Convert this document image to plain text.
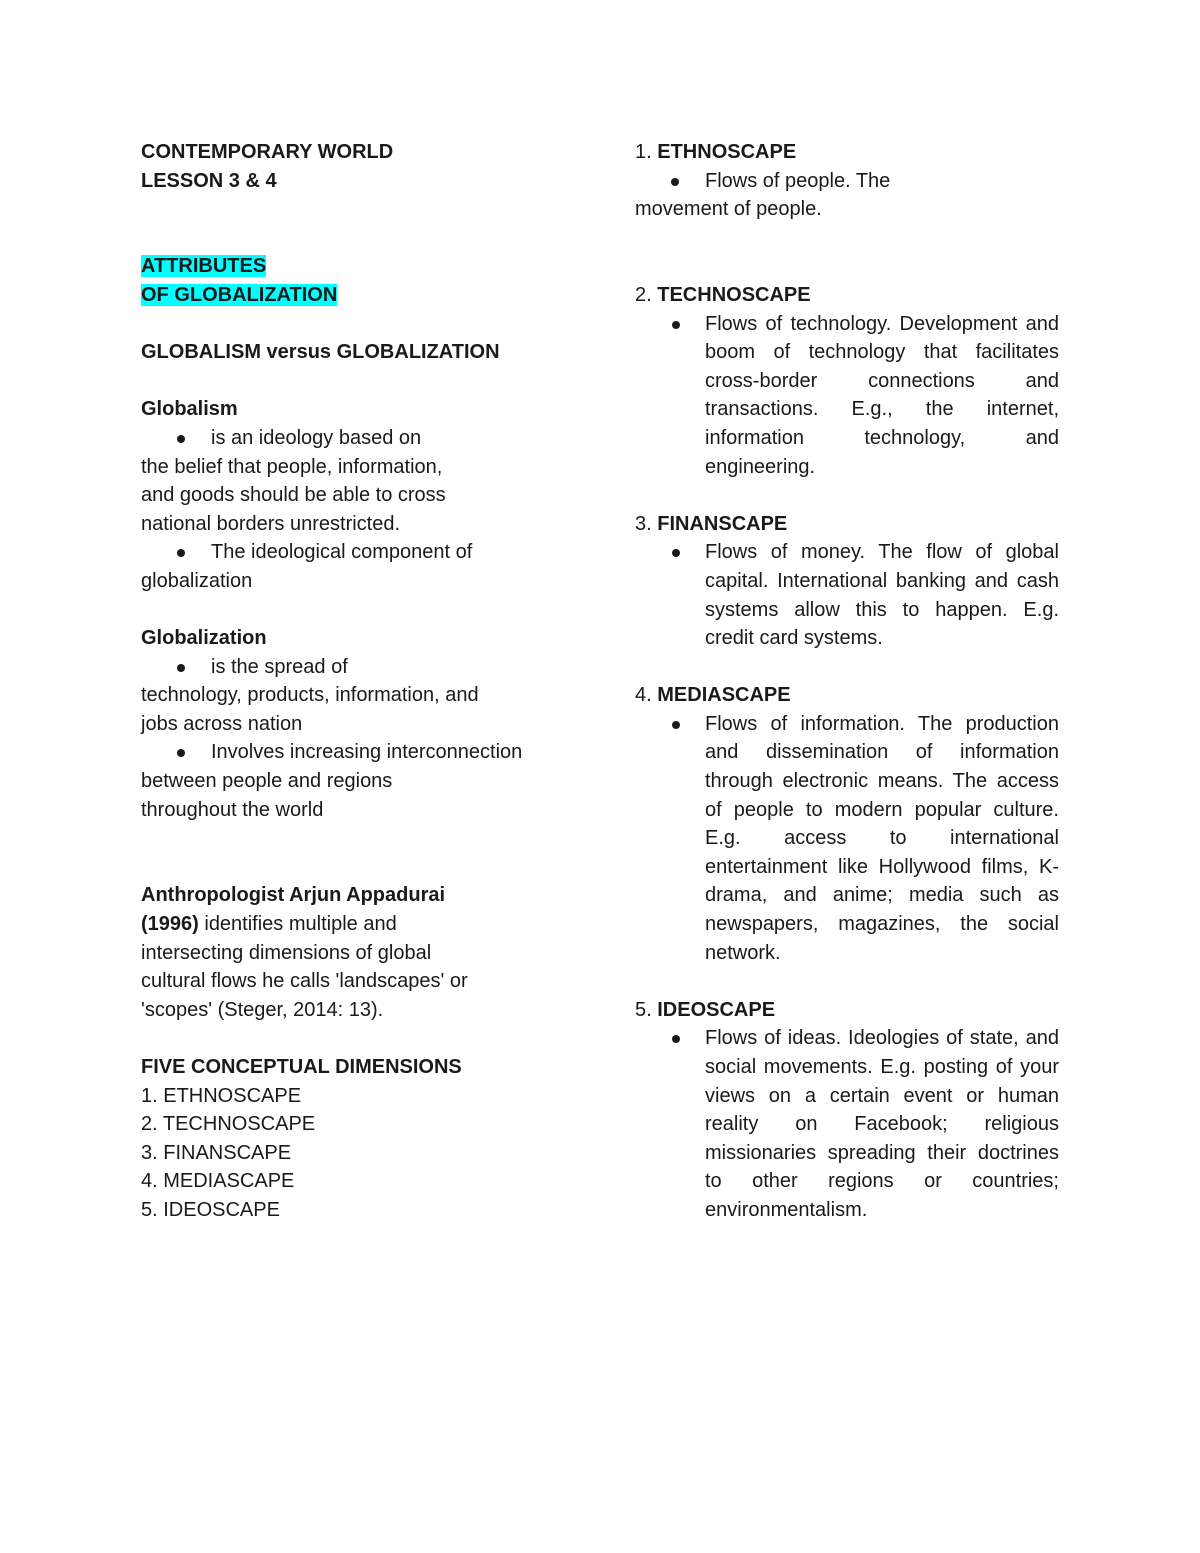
CONTEMPORARY WORLD

LESSON 3 & 4

ATTRIBUTES

OF GLOBALIZATION

GLOBALISM versus GLOBALIZATION

Globalism

is an ideology based on

the belief that people, information,
and goods should be able to cross
national borders unrestricted.

The ideological component of

globalization

Globalization

is the spread of

technology, products, information, and
jobs across nation

Involves increasing interconnection

between people and regions
throughout the world

Anthropologist Arjun Appadurai

(1996) identifies multiple and

intersecting dimensions of global
cultural flows he calls 'landscapes' or
'scopes' (Steger, 2014: 13).

FIVE CONCEPTUAL DIMENSIONS

1. ETHNOSCAPE

2. TECHNOSCAPE

3. FINANSCAPE

4. MEDIASCAPE

5. IDEOSCAPE

1. ETHNOSCAPE

Flows of people. The

movement of people.

2. TECHNOSCAPE

Flows of technology. Development and boom of technology that facilitates cross-border connections and transactions. E.g., the internet, information technology, and engineering.

3. FINANSCAPE

Flows of money. The flow of global capital. International banking and cash systems allow this to happen. E.g. credit card systems.

4. MEDIASCAPE

Flows of information. The production and dissemination of information through electronic means. The access of people to modern popular culture. E.g. access to international entertainment like Hollywood films, K-drama, and anime; media such as newspapers, magazines, the social network.

5. IDEOSCAPE

Flows of ideas. Ideologies of state, and social movements. E.g. posting of your views on a certain event or human reality on Facebook; religious missionaries spreading their doctrines to other regions or countries; environmentalism.
